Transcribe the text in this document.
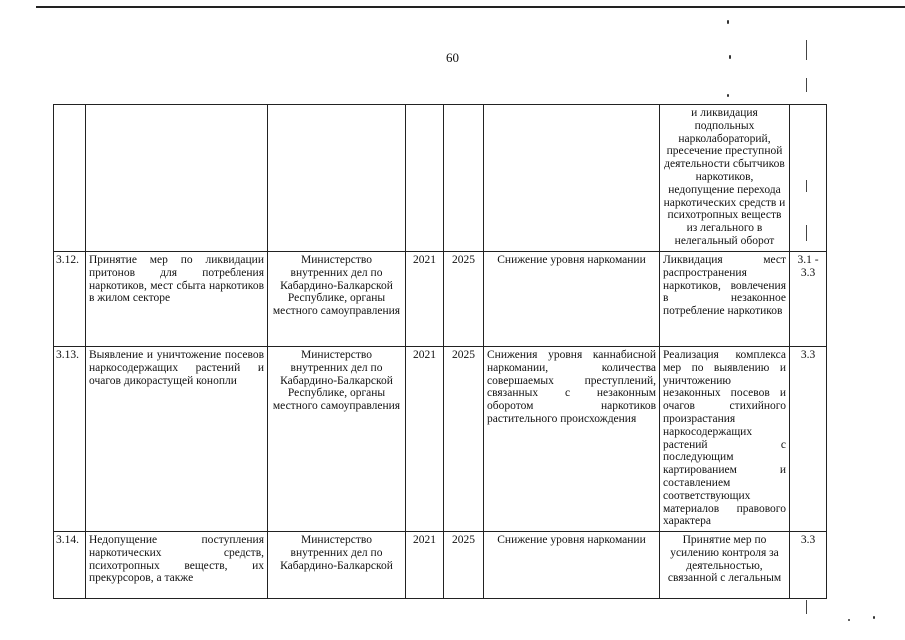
60
						и ликвидация подпольных нарколабораторий, пресечение преступной деятельности сбытчиков наркотиков, недопущение перехода наркотических средств и психотропных веществ из легального в нелегальный оборот	
3.12.	Принятие мер по ликвидации притонов для потребления наркотиков, мест сбыта наркотиков в жилом секторе	Министерство внутренних дел по Кабардино-Балкарской Республике, органы местного самоуправления	2021	2025	Снижение уровня наркомании	Ликвидация мест распространения наркотиков, вовлечения в незаконное потребление наркотиков	3.1 - 3.3
3.13.	Выявление и уничтожение посевов наркосодержащих растений и очагов дикорастущей конопли	Министерство внутренних дел по Кабардино-Балкарской Республике, органы местного самоуправления	2021	2025	Снижения уровня каннабисной наркомании, количества совершаемых преступлений, связанных с незаконным оборотом наркотиков растительного происхождения	Реализация комплекса мер по выявлению и уничтожению незаконных посевов и очагов стихийного произрастания наркосодержащих растений с последующим картированием и составлением соответствующих материалов правового характера	3.3
3.14.	Недопущение поступления наркотических средств, психотропных веществ, их прекурсоров, а также	Министерство внутренних дел по Кабардино-Балкарской	2021	2025	Снижение уровня наркомании	Принятие мер по усилению контроля за деятельностью, связанной с легальным	3.3
